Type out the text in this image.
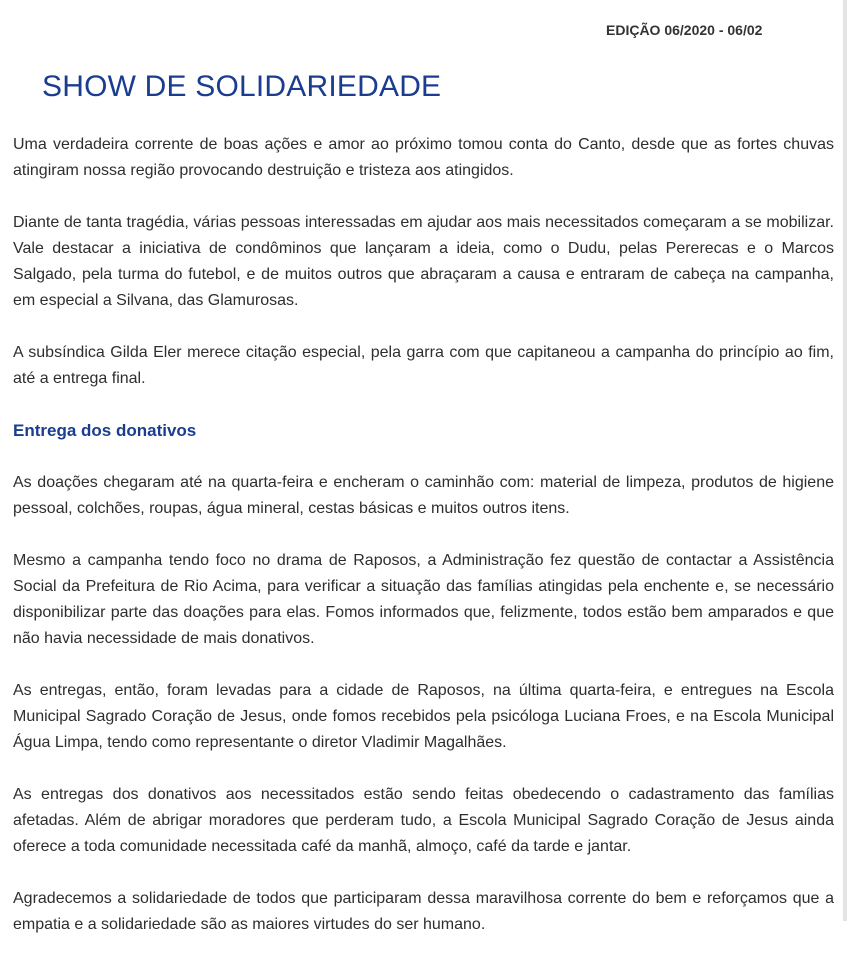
EDIÇÃO 06/2020 - 06/02
SHOW DE SOLIDARIEDADE

Uma verdadeira corrente de boas ações e amor ao próximo tomou conta do Canto, desde que as fortes chuvas atingiram nossa região provocando destruição e tristeza aos atingidos.

Diante de tanta tragédia, várias pessoas interessadas em ajudar aos mais necessitados começaram a se mobilizar. Vale destacar a iniciativa de condôminos que lançaram a ideia, como o Dudu, pelas Pererecas e o Marcos Salgado, pela turma do futebol, e de muitos outros que abraçaram a causa e entraram de cabeça na campanha, em especial a Silvana, das Glamurosas.

A subsíndica Gilda Eler merece citação especial, pela garra com que capitaneou a campanha do princípio ao fim, até a entrega final.

Entrega dos donativos

As doações chegaram até na quarta-feira e encheram o caminhão com: material de limpeza, produtos de higiene pessoal, colchões, roupas, água mineral, cestas básicas e muitos outros itens.

Mesmo a campanha tendo foco no drama de Raposos, a Administração fez questão de contactar a Assistência Social da Prefeitura de Rio Acima, para verificar a situação das famílias atingidas pela enchente e, se necessário disponibilizar parte das doações para elas. Fomos informados que, felizmente, todos estão bem amparados e que não havia necessidade de mais donativos.

As entregas, então, foram levadas para a cidade de Raposos, na última quarta-feira, e entregues na Escola Municipal Sagrado Coração de Jesus, onde fomos recebidos pela psicóloga Luciana Froes, e na Escola Municipal Água Limpa, tendo como representante o diretor Vladimir Magalhães.

As entregas dos donativos aos necessitados estão sendo feitas obedecendo o cadastramento das famílias afetadas. Além de abrigar moradores que perderam tudo, a Escola Municipal Sagrado Coração de Jesus ainda oferece a toda comunidade necessitada café da manhã, almoço, café da tarde e jantar.

Agradecemos a solidariedade de todos que participaram dessa maravilhosa corrente do bem e reforçamos que a empatia e a solidariedade são as maiores virtudes do ser humano.
